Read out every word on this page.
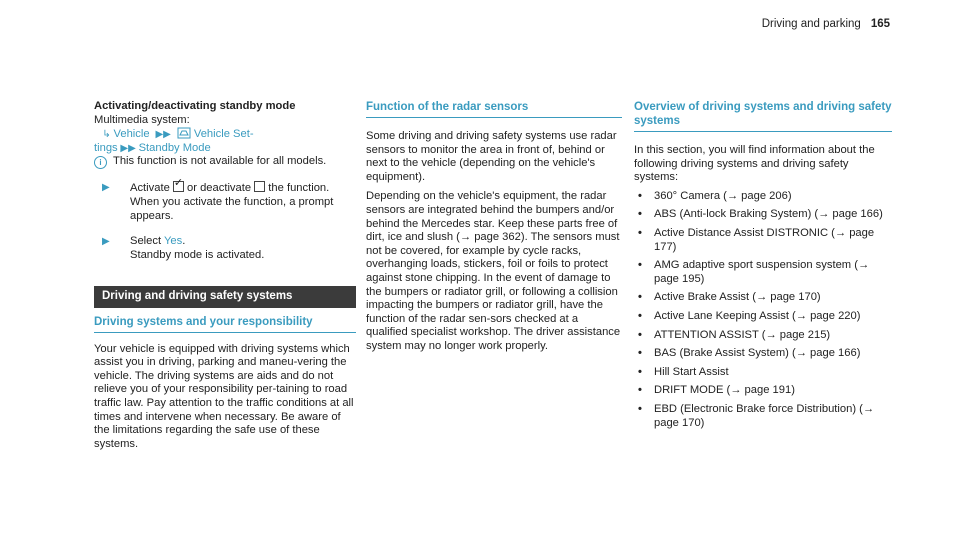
Driving and parking 165

Activating/deactivating standby mode

Multimedia system:

↳ Vehicle  ▶▶   Vehicle Set-

tings ▶▶ Standby Mode

i	This function is not available for all models.
▶	Activate ✓ or deactivate the function.

When you activate the function, a prompt appears.

▶	Select Yes.

Standby mode is activated.

Driving and driving safety systems

Driving systems and your responsibility

Your vehicle is equipped with driving systems which assist you in driving, parking and maneu-vering the vehicle. The driving systems are aids and do not relieve you of your responsibility per-taining to road traffic law. Pay attention to the traffic conditions at all times and intervene when necessary. Be aware of the limitations regarding the safe use of these systems.

Function of the radar sensors

Some driving and driving safety systems use radar sensors to monitor the area in front of, behind or next to the vehicle (depending on the vehicle's equipment).

Depending on the vehicle's equipment, the radar sensors are integrated behind the bumpers and/or behind the Mercedes star. Keep these parts free of dirt, ice and slush (→ page 362). The sensors must not be covered, for example by cycle racks, overhanging loads, stickers, foil or foils to protect against stone chipping. In the event of damage to the bumpers or radiator grill, or following a collision impacting the bumpers or radiator grill, have the function of the radar sen-sors checked at a qualified specialist workshop. The driver assistance system may no longer work properly.

Overview of driving systems and driving safety systems

In this section, you will find information about the following driving systems and driving safety systems:

•	360° Camera (→ page 206)
•	ABS (Anti-lock Braking System) (→ page 166)
•	Active Distance Assist DISTRONIC (→ page 177)
•	AMG adaptive sport suspension system (→ page 195)
•	Active Brake Assist (→ page 170)
•	Active Lane Keeping Assist (→ page 220)
•	ATTENTION ASSIST (→ page 215)
•	BAS (Brake Assist System) (→ page 166)
•	Hill Start Assist
•	DRIFT MODE (→ page 191)
•	EBD (Electronic Brake force Distribution) (→ page 170)
